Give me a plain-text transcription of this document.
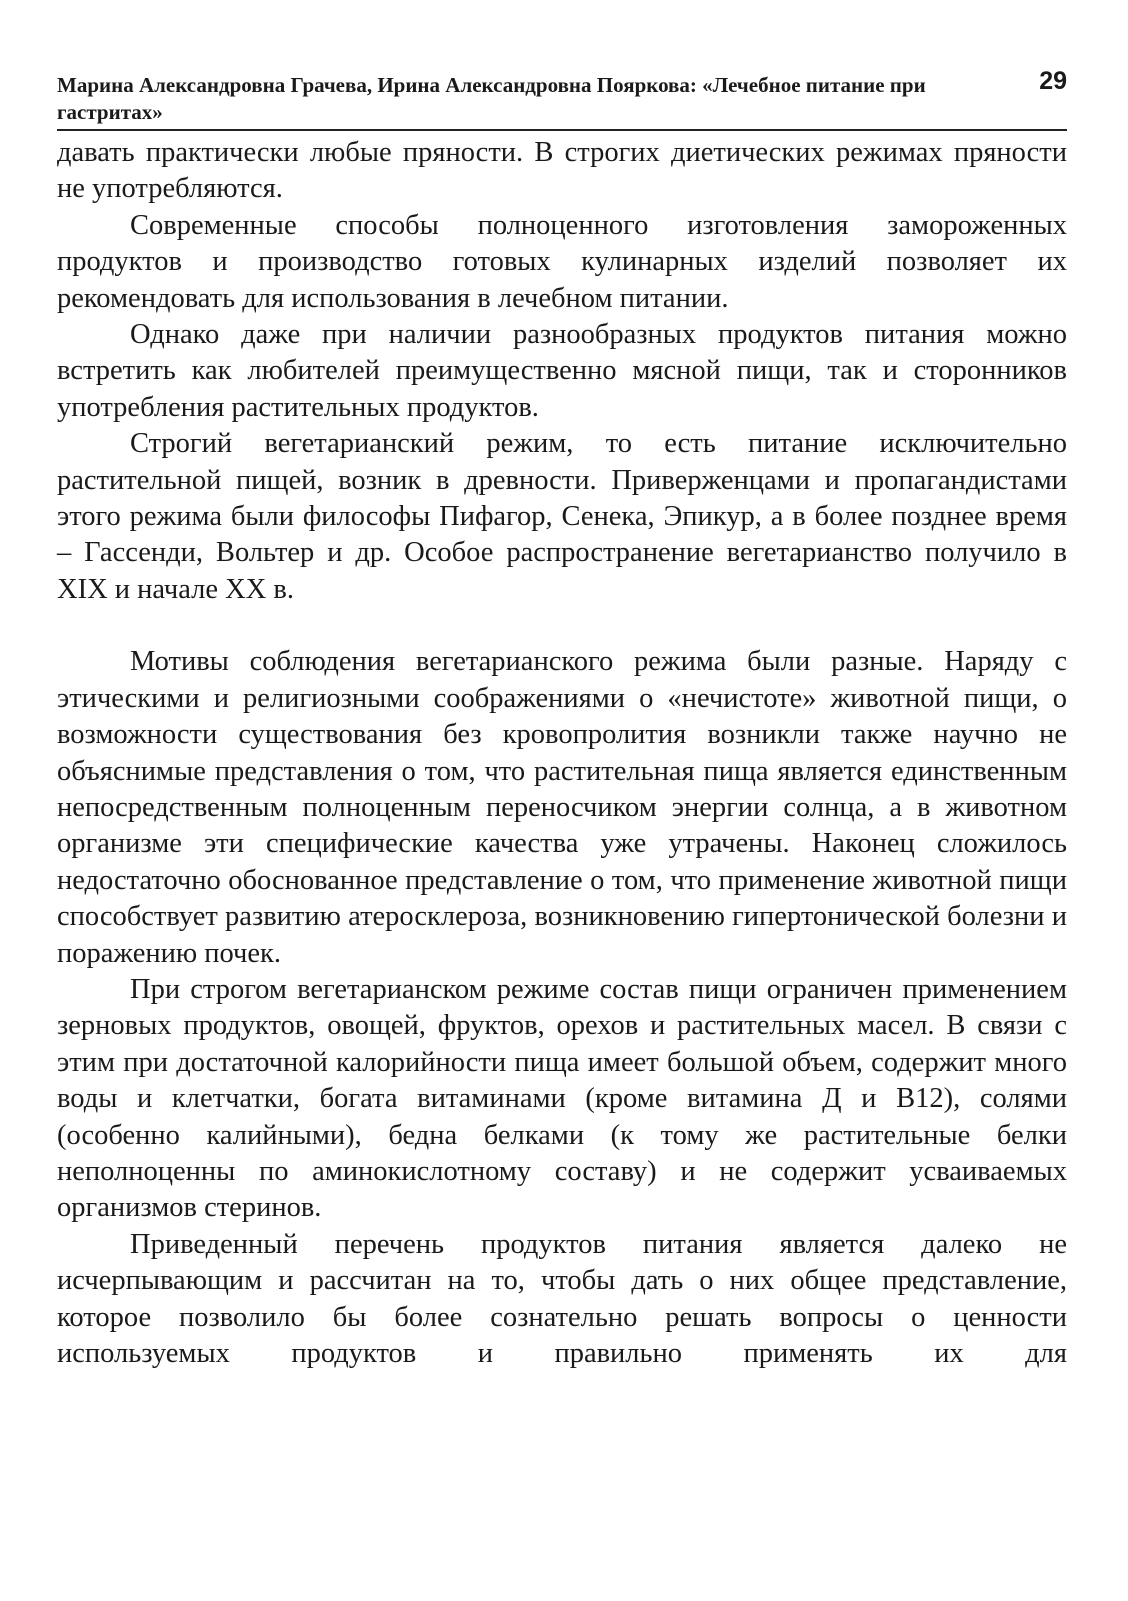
Марина Александровна Грачева, Ирина Александровна Пояркова: «Лечебное питание при гастритах»
29

давать практически любые пряности. В строгих диетических режимах пряности не употребляются.

Современные способы полноценного изготовления замороженных продуктов и производство готовых кулинарных изделий позволяет их рекомендовать для использования в лечебном питании.

Однако даже при наличии разнообразных продуктов питания можно встретить как любителей преимущественно мясной пищи, так и сторонников употребления растительных продуктов.

Строгий вегетарианский режим, то есть питание исключительно растительной пищей, возник в древности. Приверженцами и пропагандистами этого режима были философы Пифагор, Сенека, Эпикур, а в более позднее время – Гассенди, Вольтер и др. Особое распространение вегетарианство получило в XIX и начале XX в.

Мотивы соблюдения вегетарианского режима были разные. Наряду с этическими и религиозными соображениями о «нечистоте» животной пищи, о возможности существования без кровопролития возникли также научно не объяснимые представления о том, что растительная пища является единственным непосредственным полноценным переносчиком энергии солнца, а в животном организме эти специфические качества уже утрачены. Наконец сложилось недостаточно обоснованное представление о том, что применение животной пищи способствует развитию атеросклероза, возникновению гипертонической болезни и поражению почек.

При строгом вегетарианском режиме состав пищи ограничен применением зерновых продуктов, овощей, фруктов, орехов и растительных масел. В связи с этим при достаточной калорийности пища имеет большой объем, содержит много воды и клетчатки, богата витаминами (кроме витамина Д и В12), солями (особенно калийными), бедна белками (к тому же растительные белки неполноценны по аминокислотному составу) и не содержит усваиваемых организмов стеринов.

Приведенный перечень продуктов питания является далеко не исчерпывающим и рассчитан на то, чтобы дать о них общее представление, которое позволило бы более сознательно решать вопросы о ценности используемых продуктов и правильно применять их для
